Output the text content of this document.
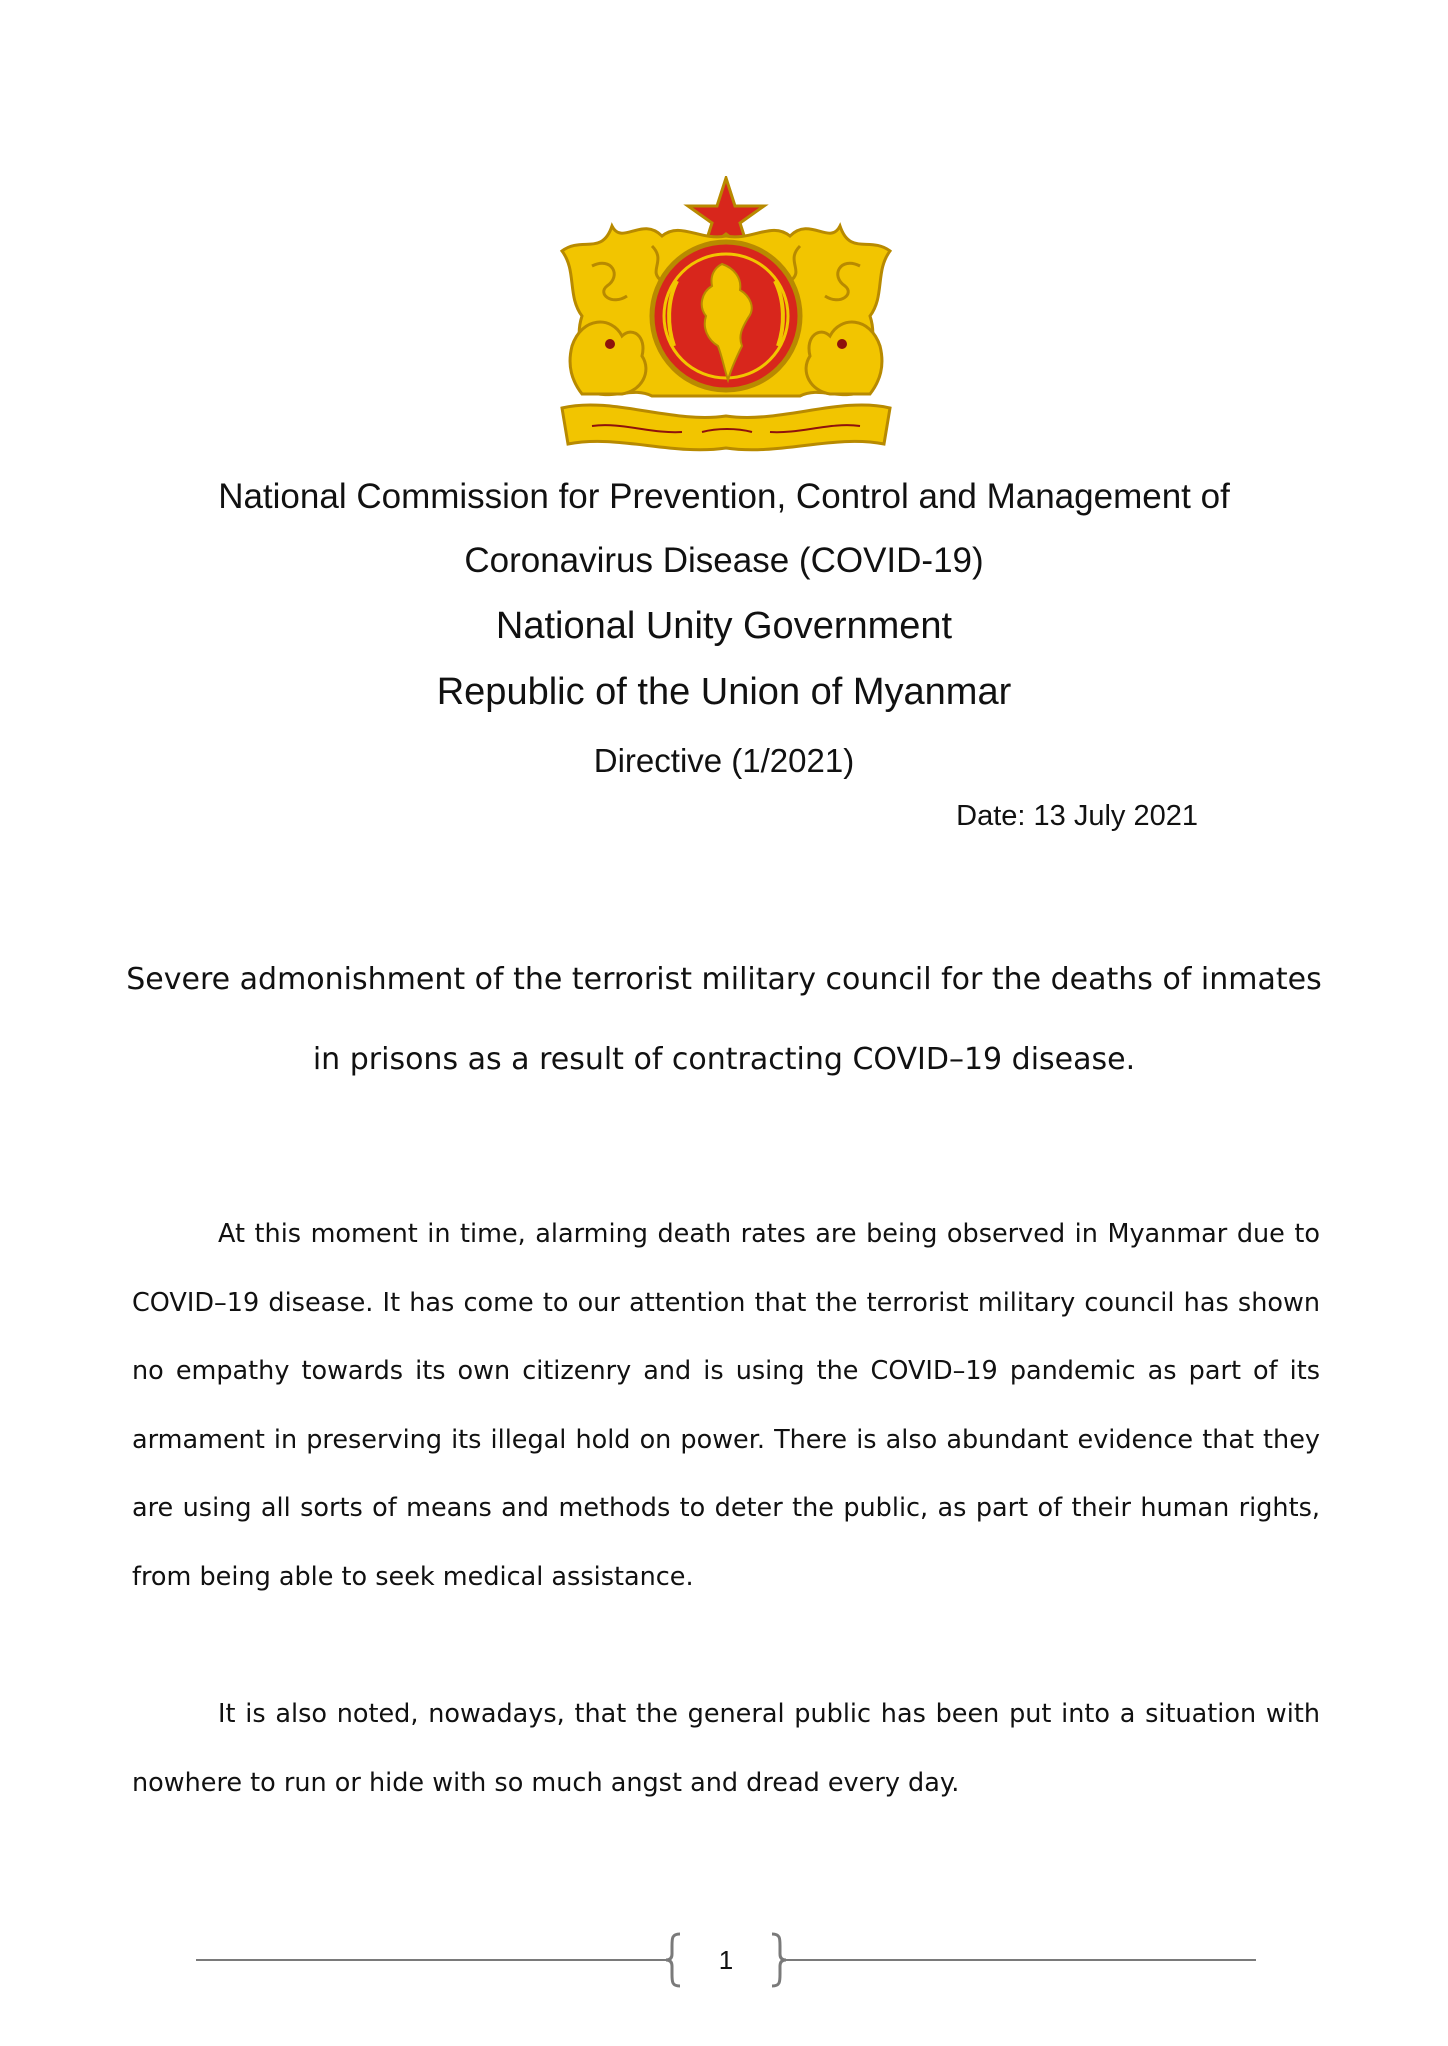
National Commission for Prevention, Control and Management of
Coronavirus Disease (COVID-19)
National Unity Government
Republic of the Union of Myanmar
Directive (1/2021)
Date: 13 July 2021
Severe admonishment of the terrorist military council for the deaths of inmates
in prisons as a result of contracting COVID–19 disease.

At this moment in time, alarming death rates are being observed in Myanmar due to COVID–19 disease. It has come to our attention that the terrorist military council has shown no empathy towards its own citizenry and is using the COVID–19 pandemic as part of its armament in preserving its illegal hold on power. There is also abundant evidence that they are using all sorts of means and methods to deter the public, as part of their human rights, from being able to seek medical assistance.

It is also noted, nowadays, that the general public has been put into a situation with nowhere to run or hide with so much angst and dread every day.

1
